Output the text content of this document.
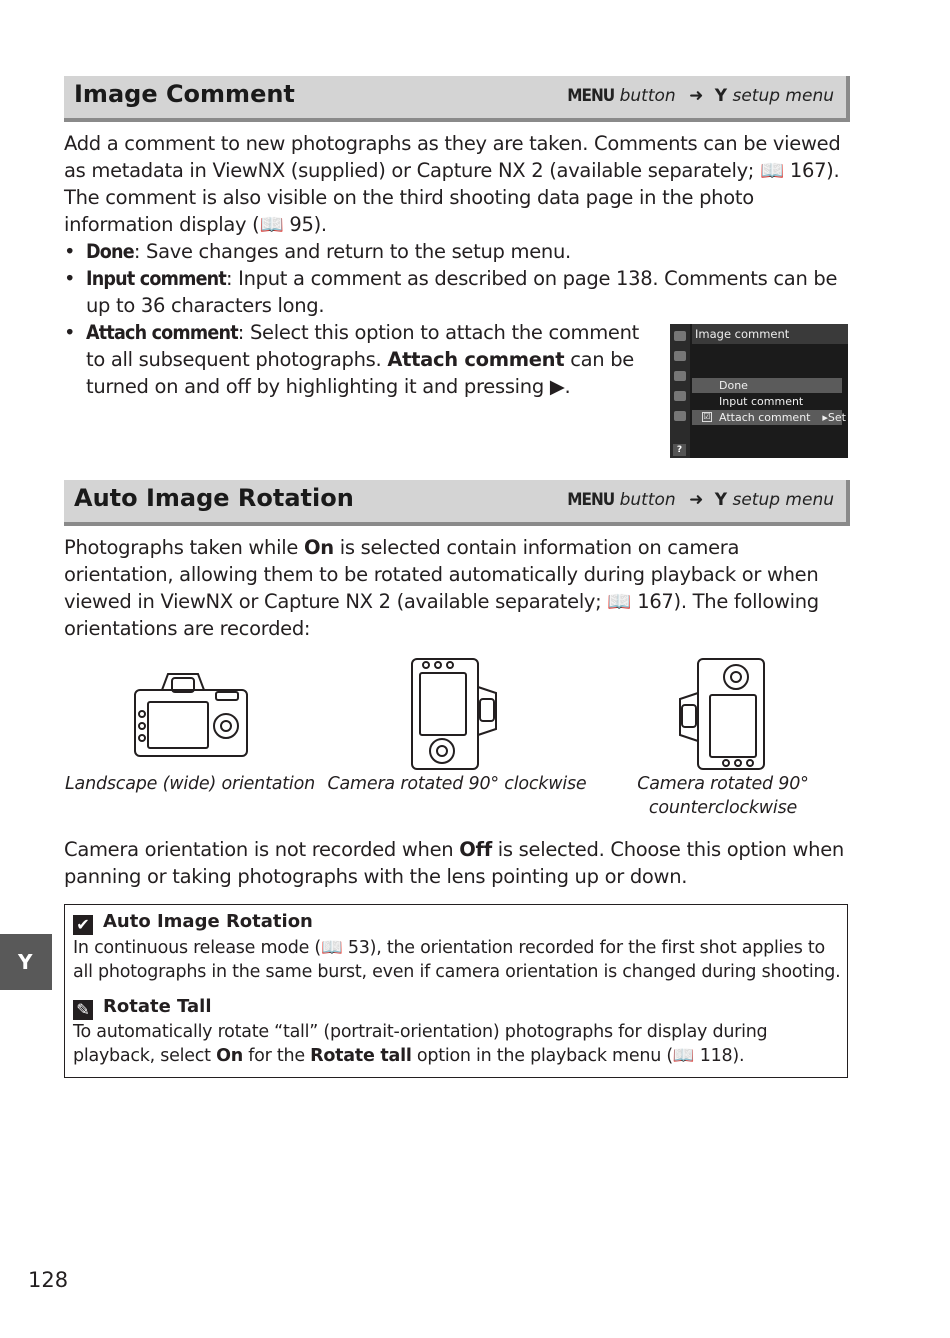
Image Comment	MENU button ➜ Y setup menu
Add a comment to new photographs as they are taken. Comments can be viewed as metadata in ViewNX (supplied) or Capture NX 2 (available separately; 📖 167). The comment is also visible on the third shooting data page in the photo information display (📖 95).
• Done: Save changes and return to the setup menu.
• Input comment: Input a comment as described on page 138. Comments can be up to 36 characters long.
• Attach comment: Select this option to attach the comment to all subsequent photographs. Attach comment can be turned on and off by highlighting it and pressing ▶.
?
Image comment
Done
Input comment
☑ Attach comment ▸Set
Auto Image Rotation	MENU button ➜ Y setup menu
Photographs taken while On is selected contain information on camera orientation, allowing them to be rotated automatically during playback or when viewed in ViewNX or Capture NX 2 (available separately; 📖 167). The following orientations are recorded:
Landscape (wide) orientation Camera rotated 90° clockwise	Camera rotated 90°
counterclockwise
Camera orientation is not recorded when Off is selected. Choose this option when panning or taking photographs with the lens pointing up or down.
✔ Auto Image Rotation
In continuous release mode (📖 53), the orientation recorded for the first shot applies to all photographs in the same burst, even if camera orientation is changed during shooting.
✎ Rotate Tall
To automatically rotate “tall” (portrait-orientation) photographs for display during playback, select On for the Rotate tall option in the playback menu (📖 118).
Y
128
